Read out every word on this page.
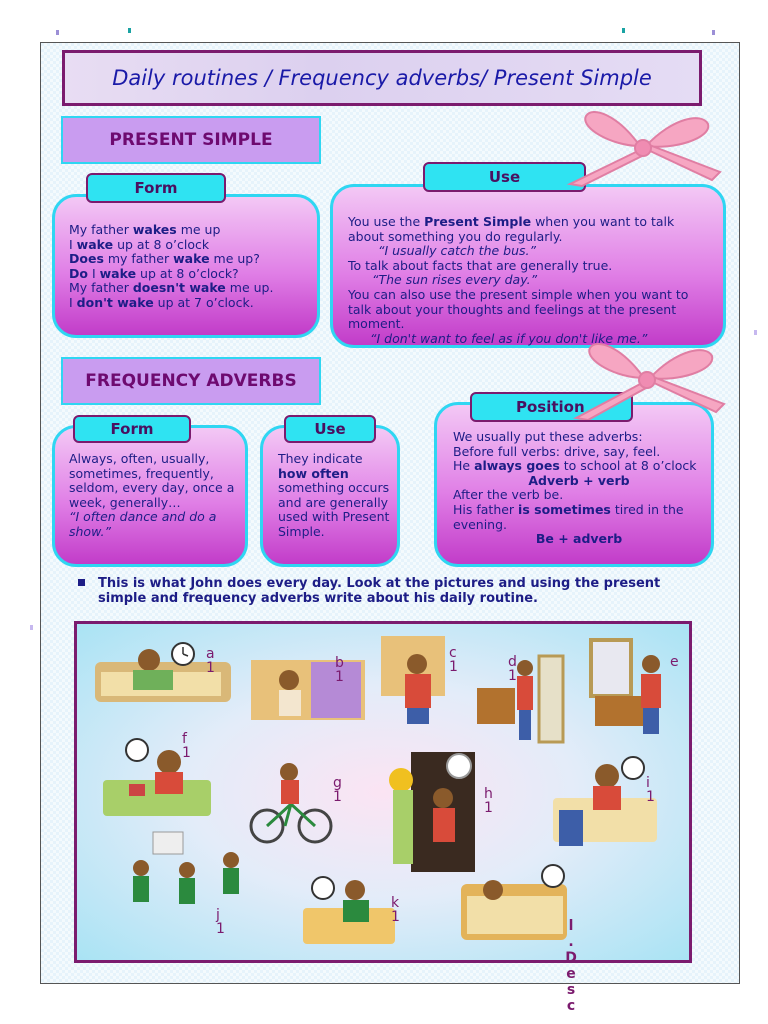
Daily routines / Frequency adverbs/ Present Simple
PRESENT SIMPLE

My father wakes me up

I wake up at 8 o’clock

Does my father wake me up?

Do I wake up at 8 o’clock?

My father doesn't wake me up.

I don't wake up at 7 o’clock.

Form

You use the Present Simple when you want to talk about something you do regularly.

“I usually catch the bus.”

To talk about facts that are generally true.

“The sun rises every day.”

You can also use the present simple when you want to talk about your thoughts and feelings at the present moment.

“I don't want to feel as if you don't like me.”

Use
FREQUENCY ADVERBS

Always, often, usually, sometimes, frequently, seldom, every day, once a week, generally…

“I often dance and do a show.”

Form

They indicate how often something occurs and are generally used with Present Simple.

Use	We usually put these adverbs:

Before full verbs: drive, say, feel.

He always goes to school at 8 o’clock

Adverb + verb

After the verb be.

His father is sometimes tired in the evening.

Be + adverb

Position
This is what John does every day. Look at the pictures and using the present simple and frequency adverbs write about his daily routine.
a
1	b
1
c
1	d
1
e
f
1
g
1	h
1
i
1
j
1
k
1
l
.
D
e
s
c
